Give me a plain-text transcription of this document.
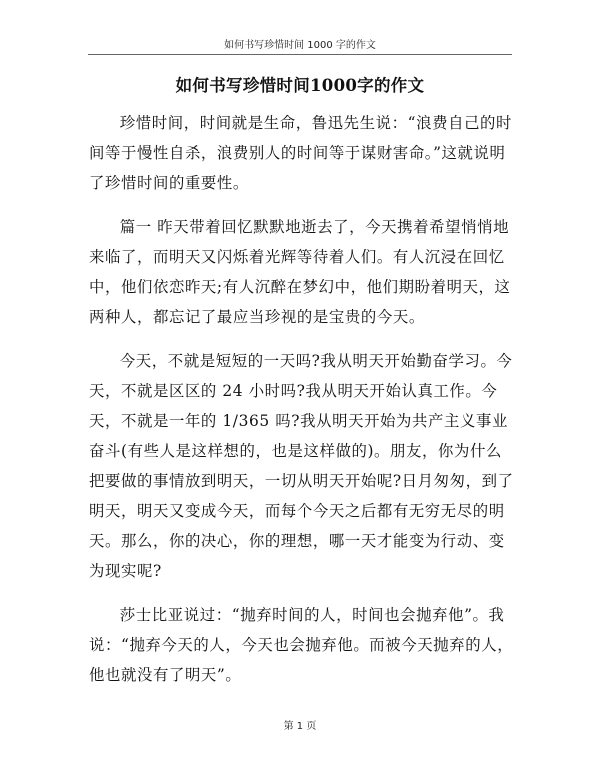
如何书写珍惜时间 1000 字的作文
如何书写珍惜时间1000字的作文

珍惜时间，时间就是生命，鲁迅先生说：“浪费自己的时间等于慢性自杀，浪费别人的时间等于谋财害命。”这就说明了珍惜时间的重要性。

篇一 昨天带着回忆默默地逝去了，今天携着希望悄悄地来临了，而明天又闪烁着光辉等待着人们。有人沉浸在回忆中，他们依恋昨天;有人沉醉在梦幻中，他们期盼着明天，这两种人，都忘记了最应当珍视的是宝贵的今天。

今天，不就是短短的一天吗?我从明天开始勤奋学习。今天，不就是区区的 24 小时吗?我从明天开始认真工作。今天，不就是一年的 1/365 吗?我从明天开始为共产主义事业奋斗(有些人是这样想的，也是这样做的)。朋友，你为什么把要做的事情放到明天，一切从明天开始呢?日月匆匆，到了明天，明天又变成今天，而每个今天之后都有无穷无尽的明天。那么，你的决心，你的理想，哪一天才能变为行动、变为现实呢?

莎士比亚说过：“抛弃时间的人，时间也会抛弃他”。我说：“抛弃今天的人，今天也会抛弃他。而被今天抛弃的人，他也就没有了明天”。

第 1 页
